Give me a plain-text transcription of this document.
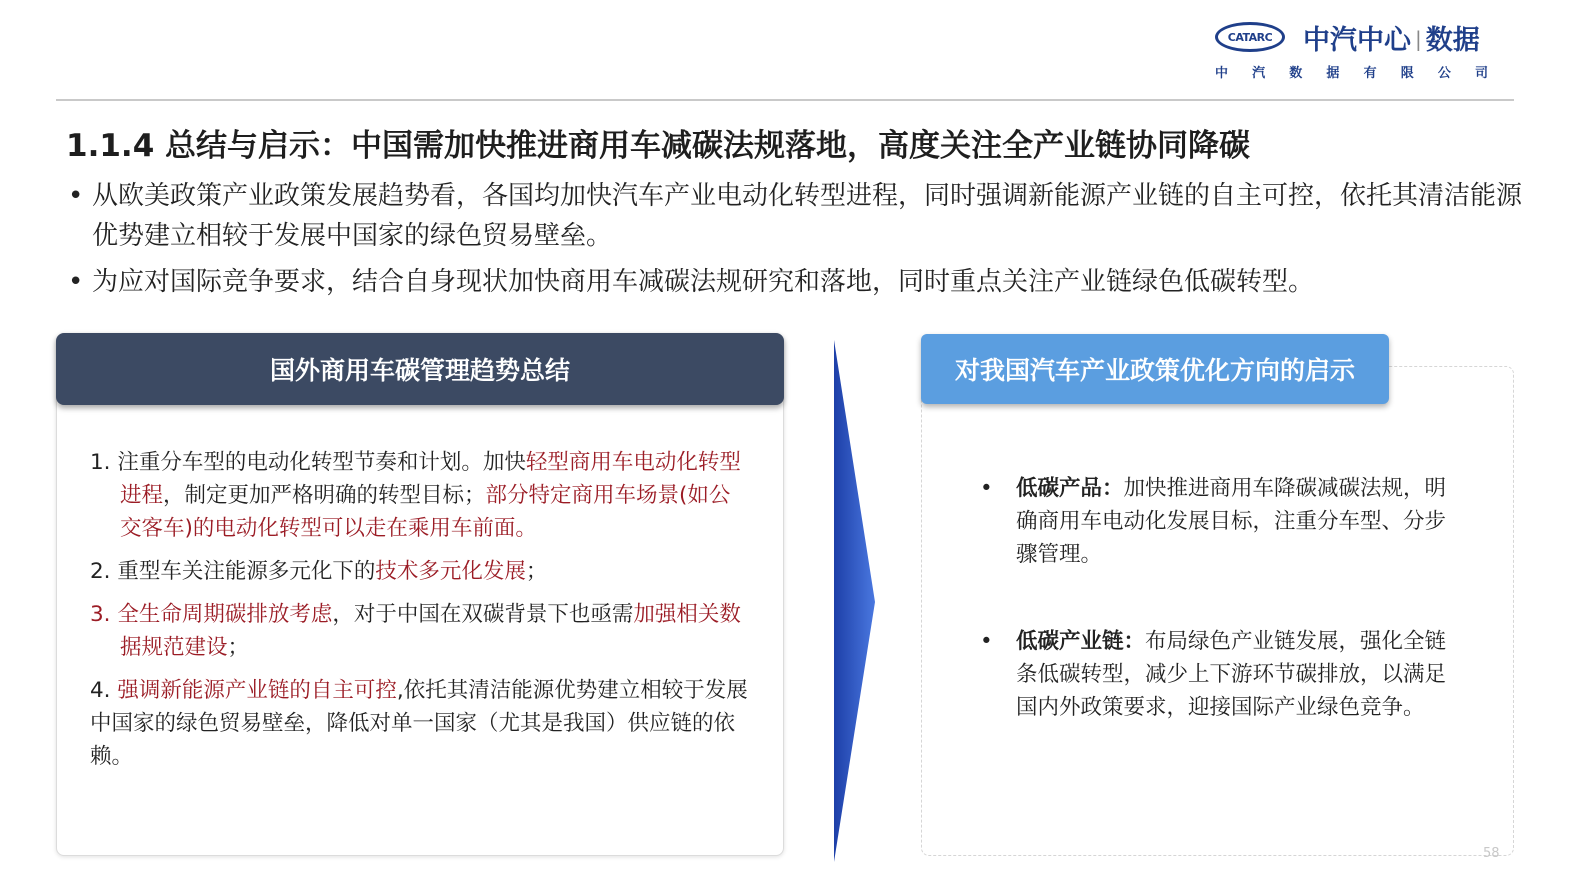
CATARC	中汽中心 | 数据
中 汽 数 据 有 限 公 司
1.1.4 总结与启示：中国需加快推进商用车减碳法规落地，高度关注全产业链协同降碳
• 从欧美政策产业政策发展趋势看，各国均加快汽车产业电动化转型进程，同时强调新能源产业链的自主可控，依托其清洁能源优势建立相较于发展中国家的绿色贸易壁垒。
• 为应对国际竞争要求，结合自身现状加快商用车减碳法规研究和落地，同时重点关注产业链绿色低碳转型。
国外商用车碳管理趋势总结
1. 注重分车型的电动化转型节奏和计划。加快轻型商用车电动化转型进程，制定更加严格明确的转型目标；部分特定商用车场景(如公交客车)的电动化转型可以走在乘用车前面。
2. 重型车关注能源多元化下的技术多元化发展；
3. 全生命周期碳排放考虑，对于中国在双碳背景下也亟需加强相关数据规范建设；
4. 强调新能源产业链的自主可控,依托其清洁能源优势建立相较于发展中国家的绿色贸易壁垒，降低对单一国家（尤其是我国）供应链的依赖。
对我国汽车产业政策优化方向的启示
• 低碳产品：加快推进商用车降碳减碳法规，明确商用车电动化发展目标，注重分车型、分步骤管理。
• 低碳产业链：布局绿色产业链发展，强化全链条低碳转型，减少上下游环节碳排放，以满足国内外政策要求，迎接国际产业绿色竞争。
58
